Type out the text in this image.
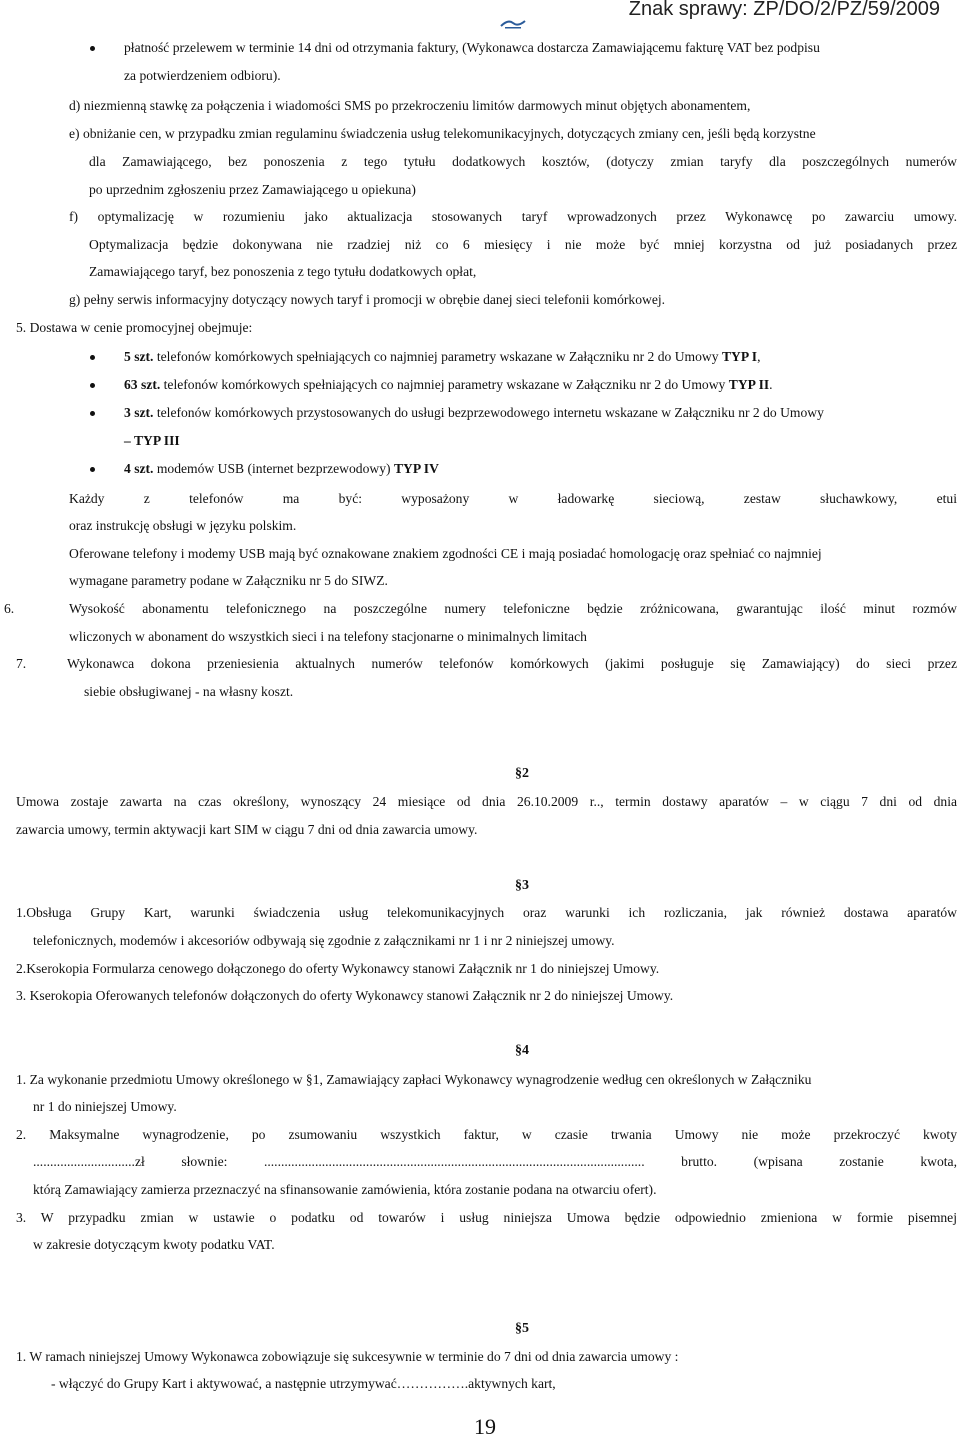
Znak sprawy: ZP/DO/2/PZ/59/2009
płatność przelewem w terminie 14 dni od otrzymania faktury, (Wykonawca dostarcza Zamawiającemu fakturę VAT bez podpisu
za potwierdzeniem odbioru).
d) niezmienną stawkę za połączenia i wiadomości SMS po przekroczeniu limitów darmowych minut objętych abonamentem,
e) obniżanie cen, w przypadku zmian regulaminu świadczenia usług telekomunikacyjnych, dotyczących zmiany cen, jeśli będą korzystne
dla Zamawiającego, bez ponoszenia z tego tytułu dodatkowych kosztów, (dotyczy zmian taryfy dla poszczególnych numerów
po uprzednim zgłoszeniu przez Zamawiającego u opiekuna)
f) optymalizację w rozumieniu jako aktualizacja stosowanych taryf wprowadzonych przez Wykonawcę po zawarciu umowy.
Optymalizacja będzie dokonywana nie rzadziej niż co 6 miesięcy i nie może być mniej korzystna od już posiadanych przez
Zamawiającego taryf, bez ponoszenia z tego tytułu dodatkowych opłat,
g) pełny serwis informacyjny dotyczący nowych taryf i promocji w obrębie danej sieci telefonii komórkowej.
5. Dostawa w cenie promocyjnej obejmuje:
5 szt. telefonów komórkowych spełniających co najmniej parametry wskazane w Załączniku nr 2 do Umowy TYP I,
63 szt. telefonów komórkowych spełniających co najmniej parametry wskazane w Załączniku nr 2 do Umowy TYP II.
3 szt. telefonów komórkowych przystosowanych do usługi bezprzewodowego internetu wskazane w Załączniku nr 2 do Umowy
– TYP III
4 szt. modemów USB (internet bezprzewodowy) TYP IV
Każdy z telefonów ma być: wyposażony w ładowarkę sieciową, zestaw słuchawkowy, etui
oraz instrukcję obsługi w języku polskim.
Oferowane telefony i modemy USB mają być oznakowane znakiem zgodności CE i mają posiadać homologację oraz spełniać co najmniej
wymagane parametry podane w Załączniku nr 5 do SIWZ.
6.	Wysokość abonamentu telefonicznego na poszczególne numery telefoniczne będzie zróżnicowana, gwarantując ilość minut rozmów
wliczonych w abonament do wszystkich sieci i na telefony stacjonarne o minimalnych limitach
7.	Wykonawca dokona przeniesienia aktualnych numerów telefonów komórkowych (jakimi posługuje się Zamawiający) do sieci przez
siebie obsługiwanej - na własny koszt.
§2
Umowa zostaje zawarta na czas określony, wynoszący 24 miesiące od dnia 26.10.2009 r.., termin dostawy aparatów – w ciągu 7 dni od dnia
zawarcia umowy, termin aktywacji kart SIM w ciągu 7 dni od dnia zawarcia umowy.
§3
1.Obsługa Grupy Kart, warunki świadczenia usług telekomunikacyjnych oraz warunki ich rozliczania, jak również dostawa aparatów
telefonicznych, modemów i akcesoriów odbywają się zgodnie z załącznikami nr 1 i nr 2 niniejszej umowy.
2.Kserokopia Formularza cenowego dołączonego do oferty Wykonawcy stanowi Załącznik nr 1 do niniejszej Umowy.
3. Kserokopia Oferowanych telefonów dołączonych do oferty Wykonawcy stanowi Załącznik nr 2 do niniejszej Umowy.
§4
1. Za wykonanie przedmiotu Umowy określonego w §1, Zamawiający zapłaci Wykonawcy wynagrodzenie według cen określonych w Załączniku
nr 1 do niniejszej Umowy.
2. Maksymalne wynagrodzenie, po zsumowaniu wszystkich faktur, w czasie trwania Umowy nie może przekroczyć kwoty
..............................zł słownie: ................................................................................................................ brutto. (wpisana zostanie kwota,
którą Zamawiający zamierza przeznaczyć na sfinansowanie zamówienia, która zostanie podana na otwarciu ofert).
3. W przypadku zmian w ustawie o podatku od towarów i usług niniejsza Umowa będzie odpowiednio zmieniona w formie pisemnej
w zakresie dotyczącym kwoty podatku VAT.
§5
1. W ramach niniejszej Umowy Wykonawca zobowiązuje się sukcesywnie w terminie do 7 dni od dnia zawarcia umowy :
- włączyć do Grupy Kart i aktywować, a następnie utrzymywać…………….aktywnych kart,
19
